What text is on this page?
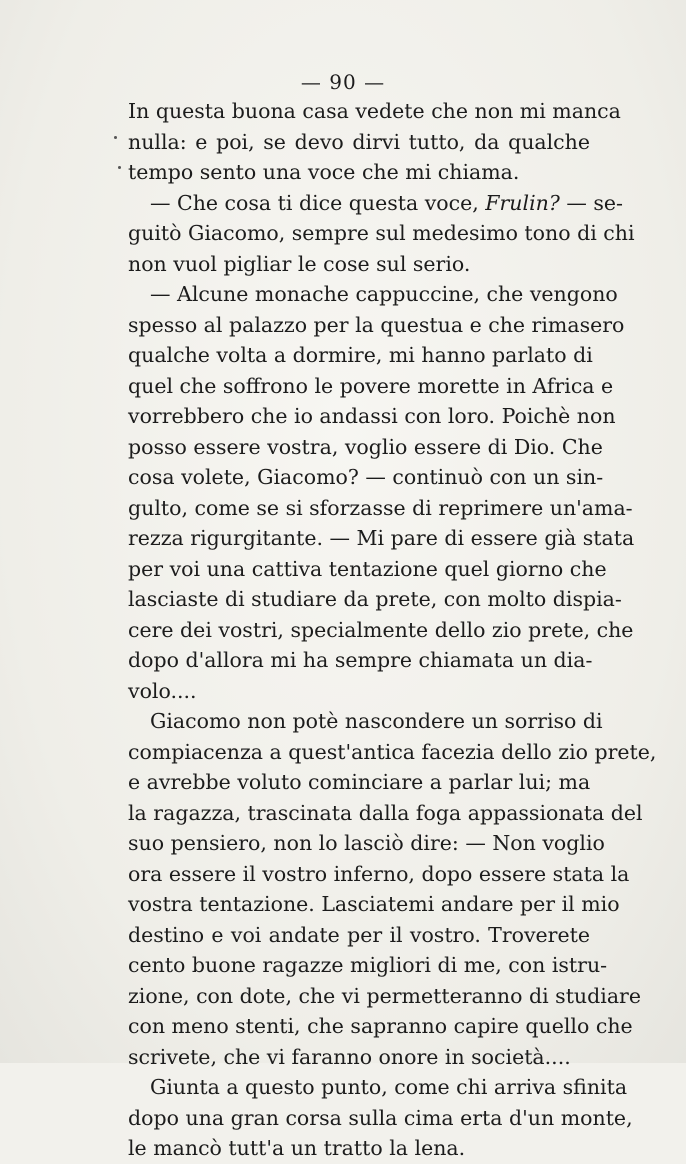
— 90 —
In questa buona casa vedete che non mi manca
nulla: e poi, se devo dirvi tutto, da qualche
tempo sento una voce che mi chiama.
— Che cosa ti dice questa voce, Frulin? — se-
guitò Giacomo, sempre sul medesimo tono di chi
non vuol pigliar le cose sul serio.
— Alcune monache cappuccine, che vengono
spesso al palazzo per la questua e che rimasero
qualche volta a dormire, mi hanno parlato di
quel che soffrono le povere morette in Africa e
vorrebbero che io andassi con loro. Poichè non
posso essere vostra, voglio essere di Dio. Che
cosa volete, Giacomo? — continuò con un sin-
gulto, come se si sforzasse di reprimere un'ama-
rezza rigurgitante. — Mi pare di essere già stata
per voi una cattiva tentazione quel giorno che
lasciaste di studiare da prete, con molto dispia-
cere dei vostri, specialmente dello zio prete, che
dopo d'allora mi ha sempre chiamata un dia-
volo....
Giacomo non potè nascondere un sorriso di
compiacenza a quest'antica facezia dello zio prete,
e avrebbe voluto cominciare a parlar lui; ma
la ragazza, trascinata dalla foga appassionata del
suo pensiero, non lo lasciò dire: — Non voglio
ora essere il vostro inferno, dopo essere stata la
vostra tentazione. Lasciatemi andare per il mio
destino e voi andate per il vostro. Troverete
cento buone ragazze migliori di me, con istru-
zione, con dote, che vi permetteranno di studiare
con meno stenti, che sapranno capire quello che
scrivete, che vi faranno onore in società....
Giunta a questo punto, come chi arriva sfinita
dopo una gran corsa sulla cima erta d'un monte,
le mancò tutt'a un tratto la lena.
